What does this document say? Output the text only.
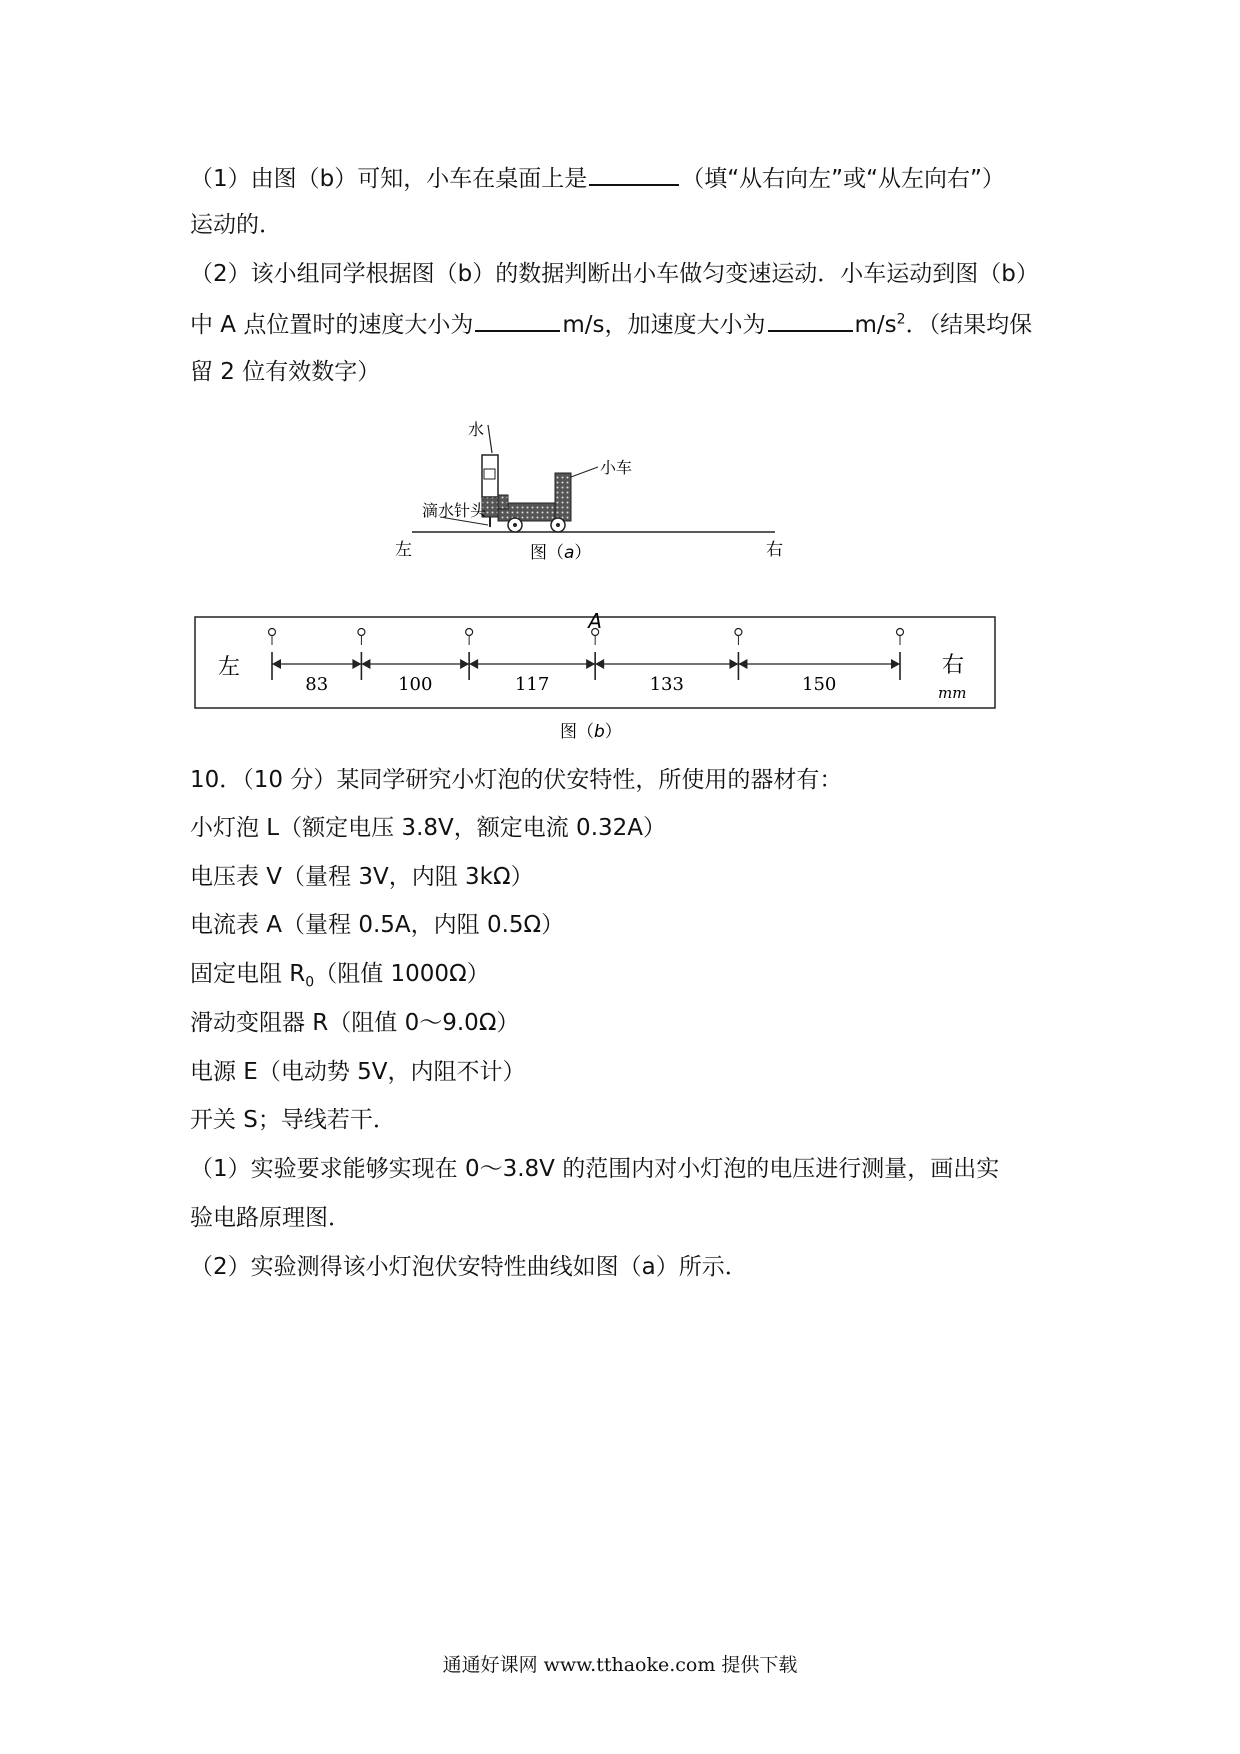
（1）由图（b）可知，小车在桌面上是	（填“从右向左”或“从左向右”）
运动的．
（2）该小组同学根据图（b）的数据判断出小车做匀变速运动．小车运动到图（b）
中 A 点位置时的速度大小为	m/s，加速度大小为	$m/s^2$．（结果均保
留 2 位有效数字）
水
滴水针头
小车
左	右
图（a）
83	100	117	133	150
A
左	右
mm
图（b）
10．（10 分）某同学研究小灯泡的伏安特性，所使用的器材有：
小灯泡 L（额定电压 3.8V，额定电流 0.32A）
电压表 V（量程 3V，内阻 3kΩ）
电流表 A（量程 0.5A，内阻 0.5Ω）
固定电阻 $R_0$（阻值 1000Ω）
滑动变阻器 R（阻值 0～9.0Ω）
电源 E（电动势 5V，内阻不计）
开关 S；导线若干．
（1）实验要求能够实现在 0～3.8V 的范围内对小灯泡的电压进行测量，画出实
验电路原理图．
（2）实验测得该小灯泡伏安特性曲线如图（a）所示．
通通好课网 www.tthaoke.com 提供下载
